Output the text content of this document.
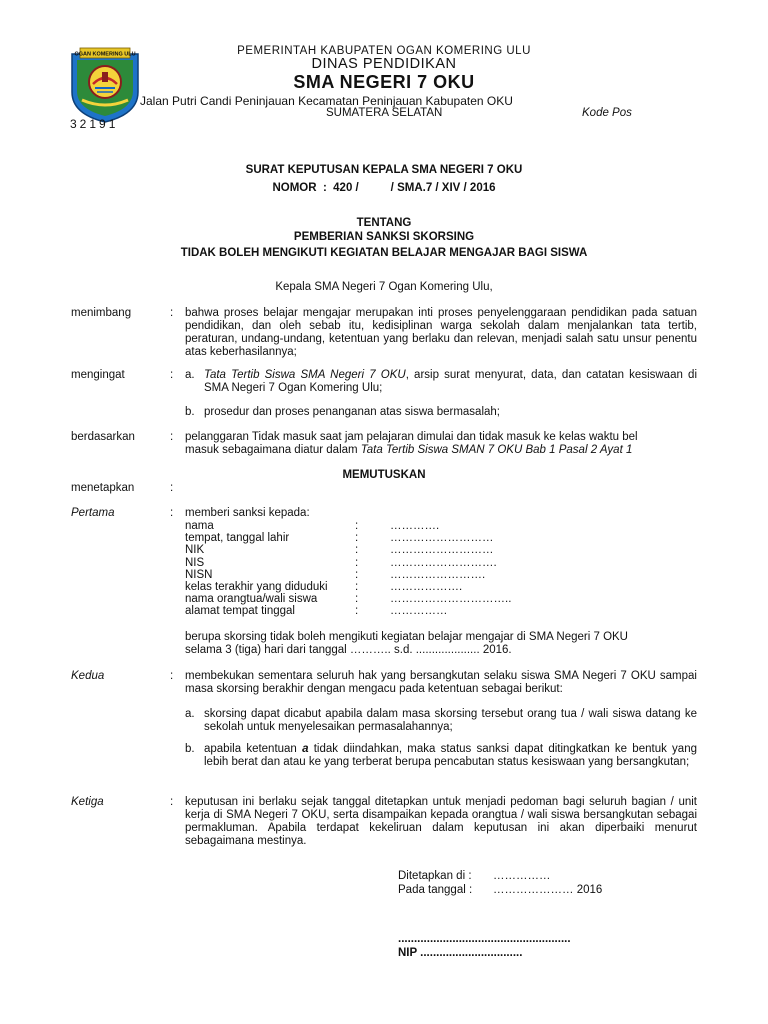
OGAN KOMERING ULU	PEMERINTAH KABUPATEN OGAN KOMERING ULU
DINAS PENDIDIKAN
SMA NEGERI 7 OKU
Jalan Putri Candi Peninjauan Kecamatan Peninjauan Kabupaten OKU
SUMATERA SELATAN	Kode Pos
32191
SURAT KEPUTUSAN KEPALA SMA NEGERI 7 OKU
NOMOR  :  420 /          / SMA.7 / XIV / 2016
TENTANG
PEMBERIAN SANKSI SKORSING
TIDAK BOLEH MENGIKUTI KEGIATAN BELAJAR MENGAJAR BAGI SISWA
Kepala SMA Negeri 7 Ogan Komering Ulu,
menimbang	: bahwa proses belajar mengajar merupakan inti proses penyelenggaraan pendidikan pada satuan pendidikan, dan oleh sebab itu, kedisiplinan warga sekolah dalam menjalankan tata tertib, peraturan, undang-undang, ketentuan yang berlaku dan relevan, menjadi salah satu unsur penentu atas keberhasilannya;
mengingat	: a. Tata Tertib Siswa SMA Negeri 7 OKU, arsip surat menyurat, data, dan catatan kesiswaan di SMA Negeri 7 Ogan Komering Ulu;
b. prosedur dan proses penanganan atas siswa bermasalah;
berdasarkan	: pelanggaran Tidak masuk saat jam pelajaran dimulai dan tidak masuk ke kelas waktu bel
masuk sebagaimana diatur dalam Tata Tertib Siswa SMAN 7 OKU Bab 1 Pasal 2 Ayat 1
MEMUTUSKAN
menetapkan	:
Pertama	: memberi sanksi kepada:
nama	:	………….
tempat, tanggal lahir	:	………………………
NIK	:	………………………
NIS	:	……………………….
NISN	:	…………………….
kelas terakhir yang diduduki	:	……………….
nama orangtua/wali siswa	:	…………………………..
alamat tempat tinggal	:	……………
berupa skorsing tidak boleh mengikuti kegiatan belajar mengajar di SMA Negeri 7 OKU
selama 3 (tiga) hari dari tanggal ……….. s.d. .................... 2016.
Kedua	: membekukan sementara seluruh hak yang bersangkutan selaku siswa SMA Negeri 7 OKU sampai masa skorsing berakhir dengan mengacu pada ketentuan sebagai berikut:
a. skorsing dapat dicabut apabila dalam masa skorsing tersebut orang tua / wali siswa datang ke sekolah untuk menyelesaikan permasalahannya;
b. apabila ketentuan a tidak diindahkan, maka status sanksi dapat ditingkatkan ke bentuk yang lebih berat dan atau ke yang terberat berupa pencabutan status kesiswaan yang bersangkutan;
Ketiga	: keputusan ini berlaku sejak tanggal ditetapkan untuk menjadi pedoman bagi seluruh bagian / unit kerja di SMA Negeri 7 OKU, serta disampaikan kepada orangtua / wali siswa bersangkutan sebagai permakluman. Apabila terdapat kekeliruan dalam keputusan ini akan diperbaiki menurut sebagaimana mestinya.
Ditetapkan di : ……………
Pada tanggal : ………………… 2016
......................................................
NIP ................................
